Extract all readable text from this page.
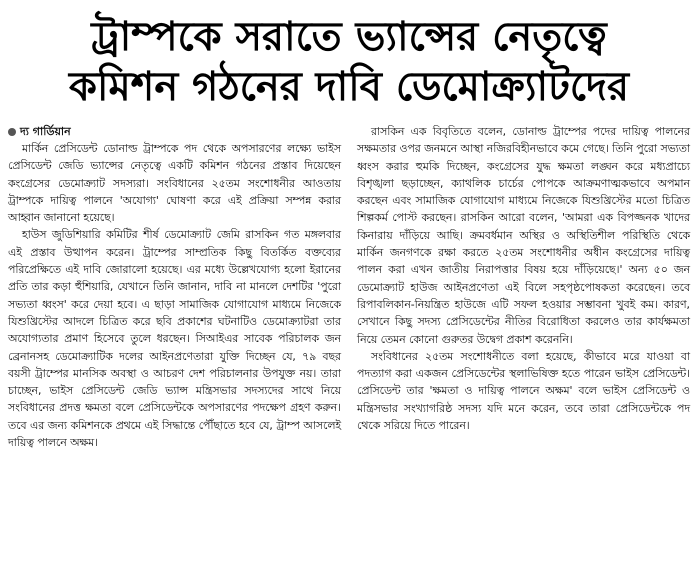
ট্রাম্পকে সরাতে ভ্যান্সের নেতৃত্বে
কমিশন গঠনের দাবি ডেমোক্র্যাটদের
দ্য গার্ডিয়ান

মার্কিন প্রেসিডেন্ট ডোনাল্ড ট্রাম্পকে পদ থেকে অপসারণের লক্ষ্যে ভাইস প্রেসিডেন্ট জেডি ভ্যান্সের নেতৃত্বে একটি কমিশন গঠনের প্রস্তাব দিয়েছেন কংগ্রেসের ডেমোক্র্যাট সদস্যরা। সংবিধানের ২৫তম সংশোধনীর আওতায় ট্রাম্পকে দায়িত্ব পালনে 'অযোগ্য' ঘোষণা করে এই প্রক্রিয়া সম্পন্ন করার আহ্বান জানানো হয়েছে।

হাউস জুডিশিয়ারি কমিটির শীর্ষ ডেমোক্র্যাট জেমি রাসকিন গত মঙ্গলবার এই প্রস্তাব উত্থাপন করেন। ট্রাম্পের সাম্প্রতিক কিছু বিতর্কিত বক্তব্যের পরিপ্রেক্ষিতে এই দাবি জোরালো হয়েছে। এর মধ্যে উল্লেখযোগ্য হলো ইরানের প্রতি তার কড়া হুঁশিয়ারি, যেখানে তিনি জানান, দাবি না মানলে দেশটির 'পুরো সভ্যতা ধ্বংস' করে দেয়া হবে। এ ছাড়া সামাজিক যোগাযোগ মাধ্যমে নিজেকে যিশুখ্রিস্টের আদলে চিত্রিত করে ছবি প্রকাশের ঘটনাটিও ডেমোক্র্যাটরা তার অযোগ্যতার প্রমাণ হিসেবে তুলে ধরছেন। সিআইএর সাবেক পরিচালক জন ব্রেনানসহ ডেমোক্র্যাটিক দলের আইনপ্রণেতারা যুক্তি দিচ্ছেন যে, ৭৯ বছর বয়সী ট্রাম্পের মানসিক অবস্থা ও আচরণ দেশ পরিচালনার উপযুক্ত নয়। তারা চাচ্ছেন, ভাইস প্রেসিডেন্ট জেডি ভ্যান্স মন্ত্রিসভার সদস্যদের সাথে নিয়ে সংবিধানের প্রদত্ত ক্ষমতা বলে প্রেসিডেন্টকে অপসারণের পদক্ষেপ গ্রহণ করুন। তবে এর জন্য কমিশনকে প্রথমে এই সিদ্ধান্তে পৌঁছাতে হবে যে, ট্রাম্প আসলেই দায়িত্ব পালনে অক্ষম।

রাসকিন এক বিবৃতিতে বলেন, ডোনাল্ড ট্রাম্পের পদের দায়িত্ব পালনের সক্ষমতার ওপর জনমনে আস্থা নজিরবিহীনভাবে কমে গেছে। তিনি পুরো সভ্যতা ধ্বংস করার হুমকি দিচ্ছেন, কংগ্রেসের যুদ্ধ ক্ষমতা লঙ্ঘন করে মধ্যপ্রাচ্যে বিশৃঙ্খলা ছড়াচ্ছেন, ক্যাথলিক চার্চের পোপকে আক্রমণাত্মকভাবে অপমান করছেন এবং সামাজিক যোগাযোগ মাধ্যমে নিজেকে যিশুখ্রিস্টের মতো চিত্রিত শিল্পকর্ম পোস্ট করছেন। রাসকিন আরো বলেন, 'আমরা এক বিপজ্জনক খাদের কিনারায় দাঁড়িয়ে আছি। ক্রমবর্ধমান অস্থির ও অস্থিতিশীল পরিস্থিতি থেকে মার্কিন জনগণকে রক্ষা করতে ২৫তম সংশোধনীর অধীন কংগ্রেসের দায়িত্ব পালন করা এখন জাতীয় নিরাপত্তার বিষয় হয়ে দাঁড়িয়েছে।' অন্য ৫০ জন ডেমোক্র্যাট হাউজ আইনপ্রণেতা এই বিলে সহপৃষ্ঠপোষকতা করেছেন। তবে রিপাবলিকান-নিয়ন্ত্রিত হাউজে এটি সফল হওয়ার সম্ভাবনা খুবই কম। কারণ, সেখানে কিছু সদস্য প্রেসিডেন্টের নীতির বিরোধিতা করলেও তার কার্যক্ষমতা নিয়ে তেমন কোনো গুরুতর উদ্বেগ প্রকাশ করেননি।

সংবিধানের ২৫তম সংশোধনীতে বলা হয়েছে, কীভাবে মরে যাওয়া বা পদত্যাগ করা একজন প্রেসিডেন্টের স্থলাভিষিক্ত হতে পারেন ভাইস প্রেসিডেন্ট। প্রেসিডেন্ট তার 'ক্ষমতা ও দায়িত্ব পালনে অক্ষম' বলে ভাইস প্রেসিডেন্ট ও মন্ত্রিসভার সংখ্যাগরিষ্ঠ সদস্য যদি মনে করেন, তবে তারা প্রেসিডেন্টকে পদ থেকে সরিয়ে দিতে পারেন।
